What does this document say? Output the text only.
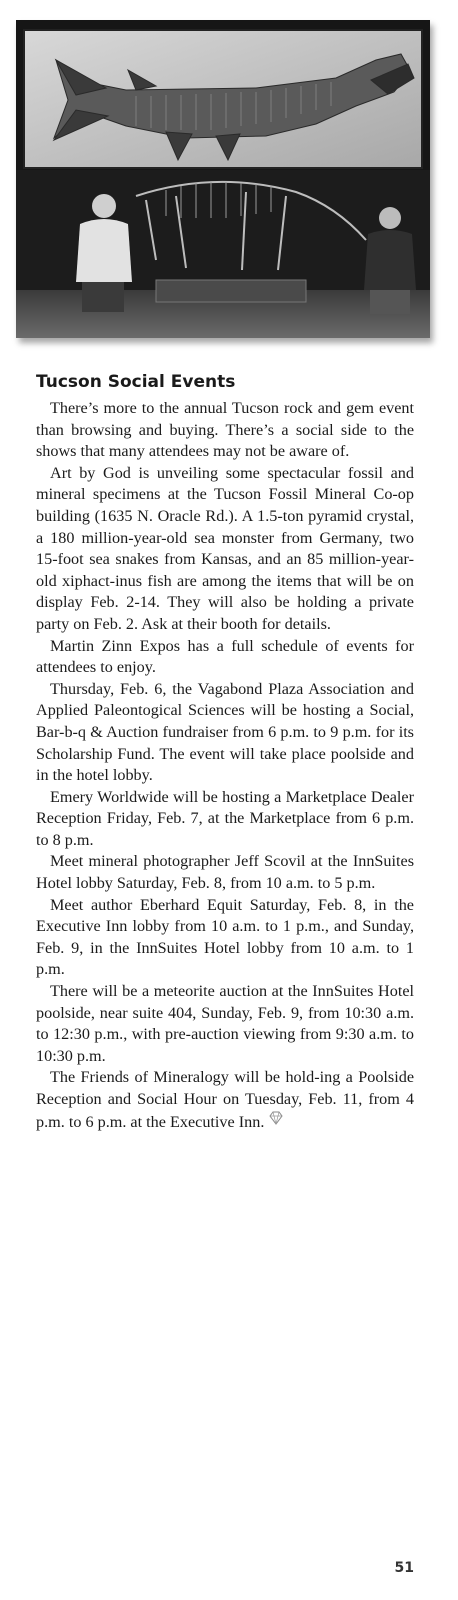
Tucson Social Events

There’s more to the annual Tucson rock and gem event than browsing and buying. There’s a social side to the shows that many attendees may not be aware of.

Art by God is unveiling some spectacular fossil and mineral specimens at the Tucson Fossil Mineral Co-op building (1635 N. Oracle Rd.). A 1.5-ton pyramid crystal, a 180 million-year-old sea monster from Germany, two 15-foot sea snakes from Kansas, and an 85 million-year-old xiphact-inus fish are among the items that will be on display Feb. 2-14. They will also be holding a private party on Feb. 2. Ask at their booth for details.

Martin Zinn Expos has a full schedule of events for attendees to enjoy.

Thursday, Feb. 6, the Vagabond Plaza Association and Applied Paleontogical Sciences will be hosting a Social, Bar-b-q & Auction fundraiser from 6 p.m. to 9 p.m. for its Scholarship Fund. The event will take place poolside and in the hotel lobby.

Emery Worldwide will be hosting a Marketplace Dealer Reception Friday, Feb. 7, at the Marketplace from 6 p.m. to 8 p.m.

Meet mineral photographer Jeff Scovil at the InnSuites Hotel lobby Saturday, Feb. 8, from 10 a.m. to 5 p.m.

Meet author Eberhard Equit Saturday, Feb. 8, in the Executive Inn lobby from 10 a.m. to 1 p.m., and Sunday, Feb. 9, in the InnSuites Hotel lobby from 10 a.m. to 1 p.m.

There will be a meteorite auction at the InnSuites Hotel poolside, near suite 404, Sunday, Feb. 9, from 10:30 a.m. to 12:30 p.m., with pre-auction viewing from 9:30 a.m. to 10:30 p.m.

The Friends of Mineralogy will be hold-ing a Poolside Reception and Social Hour on Tuesday, Feb. 11, from 4 p.m. to 6 p.m. at the Executive Inn.

51
